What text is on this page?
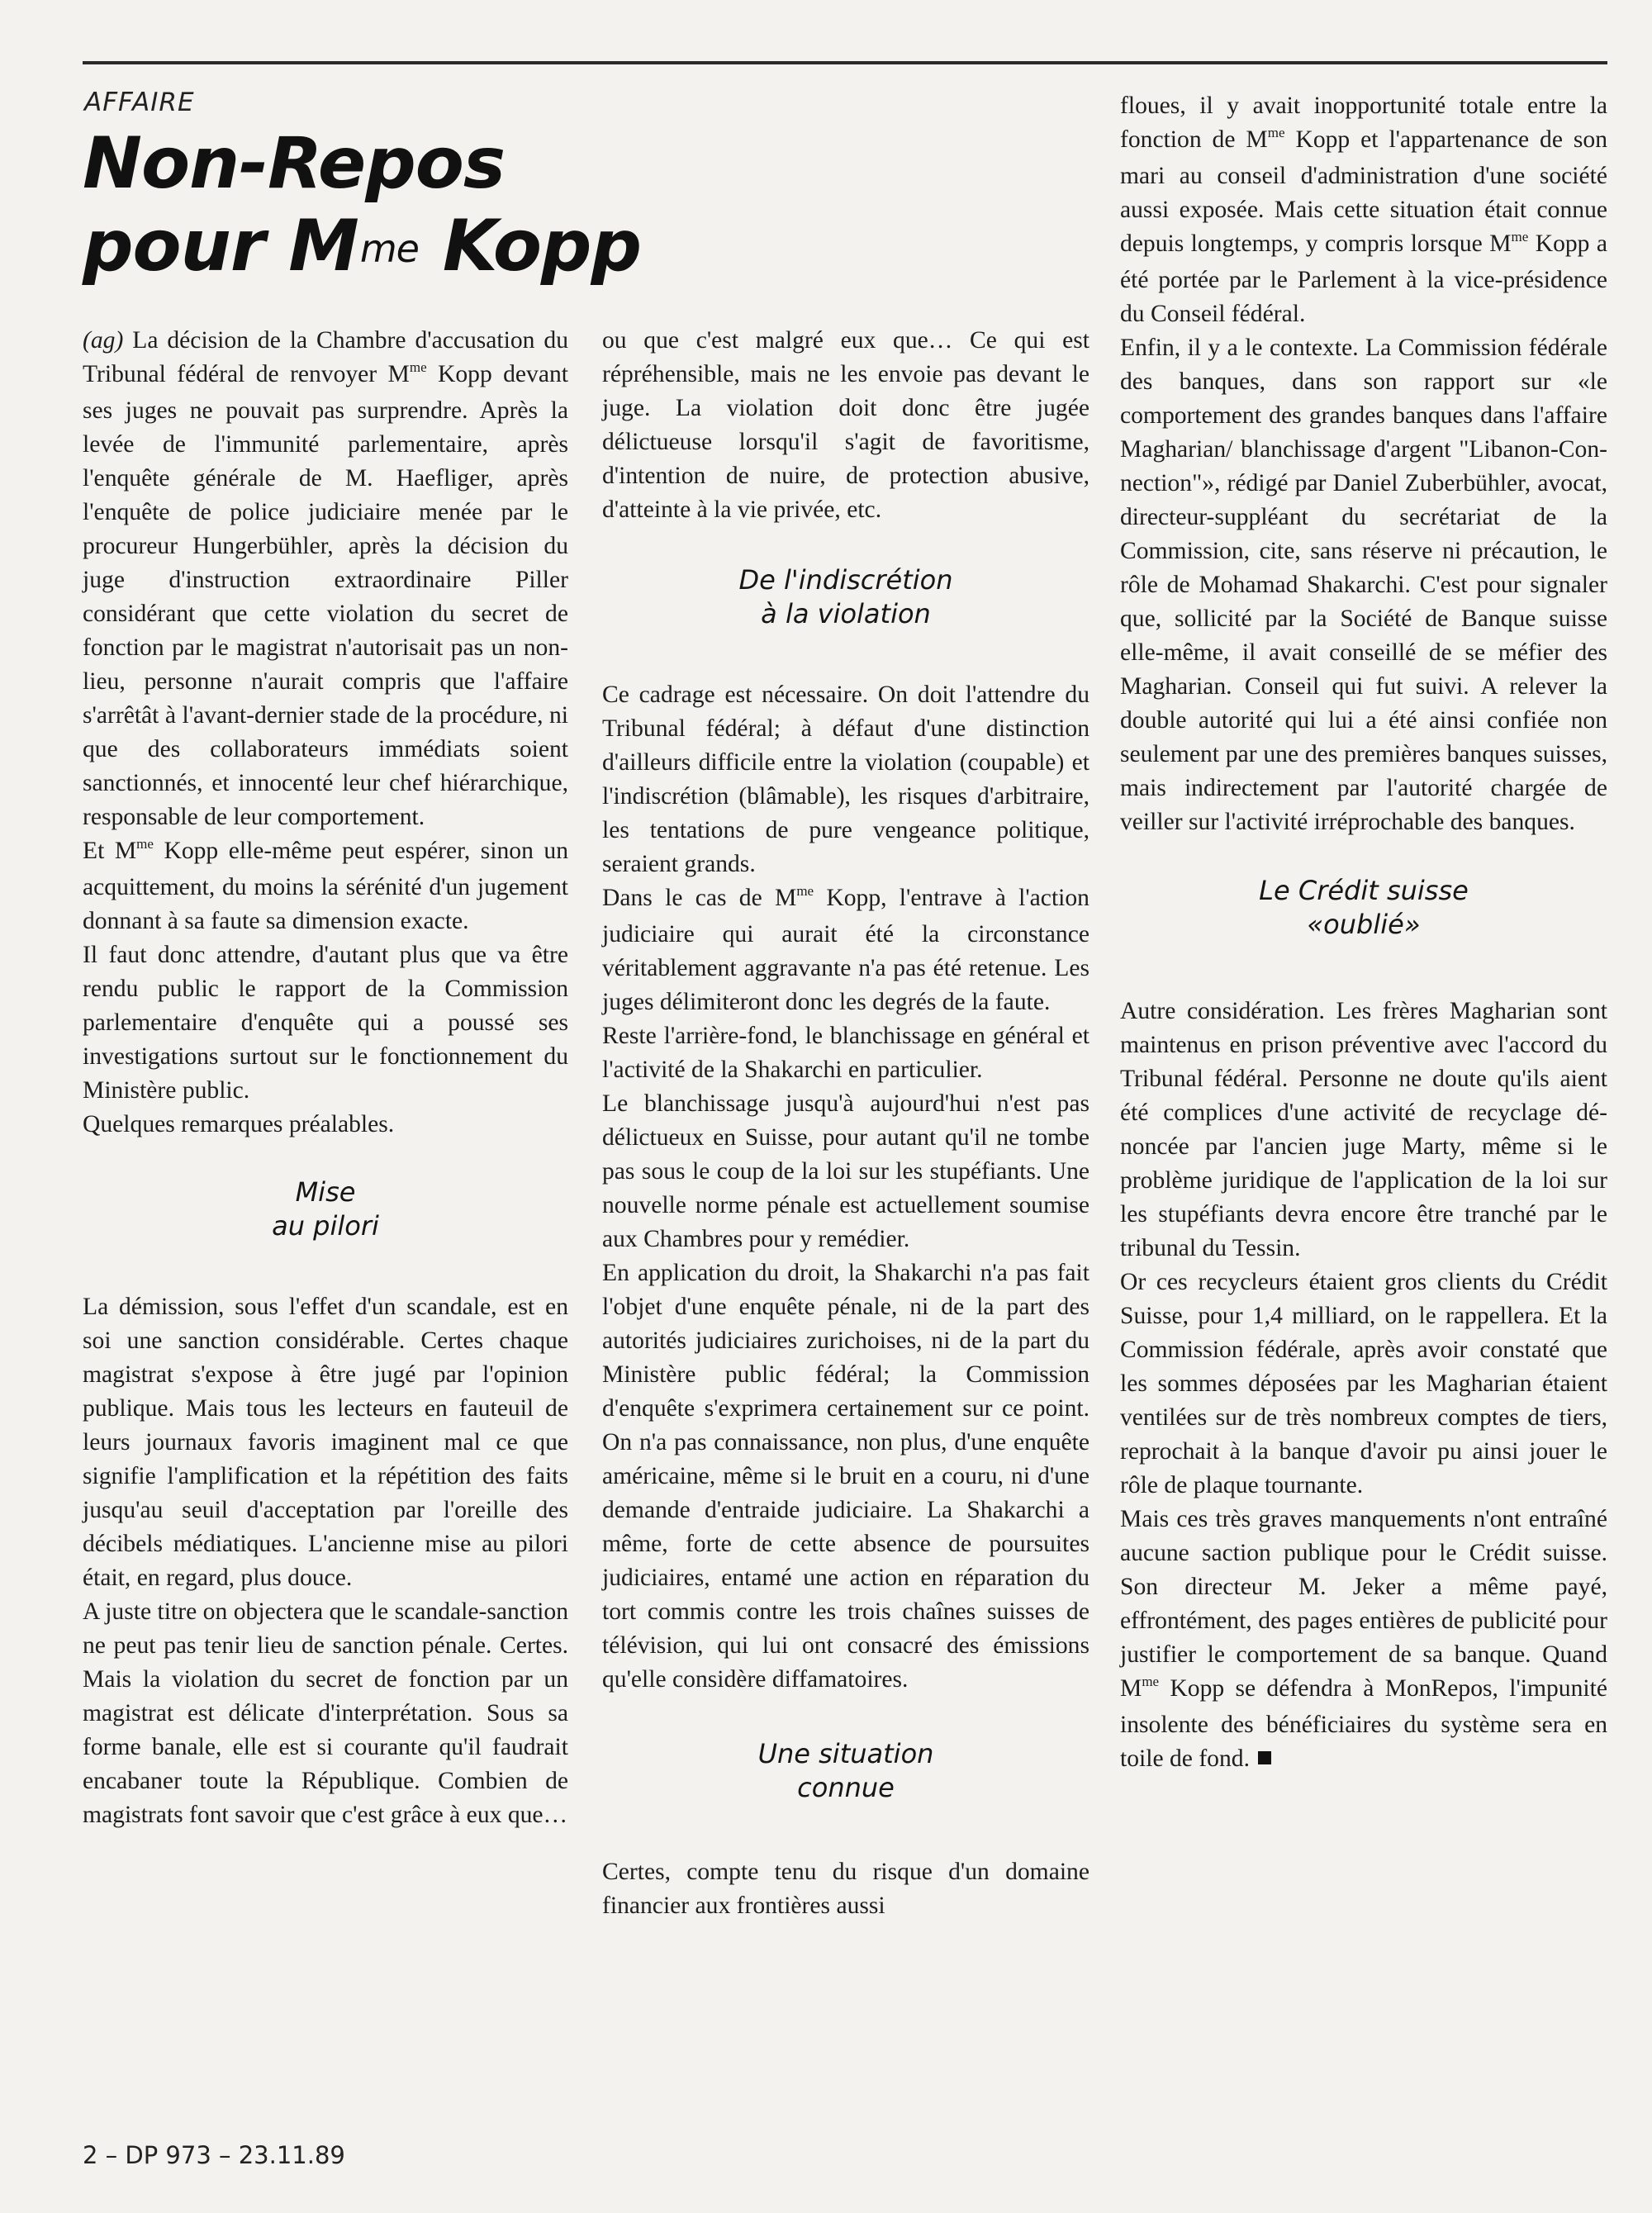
AFFAIRE
Non-Repos
pour $M^{me}$ Kopp

(ag) La décision de la Chambre d'accusation du Tribunal fédéral de renvoyer $M^{me}$ Kopp devant ses juges ne pouvait pas surprendre. Après la levée de l'immunité parlementaire, après l'enquête générale de M. Haefliger, après l'enquête de police judiciaire menée par le procureur Hungerbühler, après la décision du juge d'instruction extraordinaire Piller considérant que cette violation du secret de fonction par le magistrat n'autorisait pas un non-lieu, personne n'aurait compris que l'affaire s'arrêtât à l'avant-dernier stade de la procédure, ni que des collaborateurs immédiats soient sanctionnés, et innocenté leur chef hiérarchique, responsable de leur comportement.

Et $M^{me}$ Kopp elle-même peut espérer, sinon un acquittement, du moins la sérénité d'un jugement donnant à sa faute sa dimension exacte.

Il faut donc attendre, d'autant plus que va être rendu public le rapport de la Commission parlementaire d'enquête qui a poussé ses investigations surtout sur le fonctionnement du Ministère public.

Quelques remarques préalables.

Mise
au pilori

La démission, sous l'effet d'un scandale, est en soi une sanction considérable. Certes chaque magistrat s'expose à être jugé par l'opinion publique. Mais tous les lecteurs en fauteuil de leurs journaux favoris imaginent mal ce que signifie l'amplification et la répétition des faits jusqu'au seuil d'acceptation par l'oreille des décibels médiatiques. L'ancienne mise au pilori était, en regard, plus douce.

A juste titre on objectera que le scandale-sanction ne peut pas tenir lieu de sanction pénale. Certes. Mais la violation du secret de fonction par un magistrat est délicate d'interprétation. Sous sa forme banale, elle est si courante qu'il faudrait encabaner toute la République. Combien de magistrats font savoir que c'est grâce à eux que…

ou que c'est malgré eux que… Ce qui est répréhensible, mais ne les envoie pas devant le juge. La violation doit donc être jugée délictueuse lorsqu'il s'agit de favoritisme, d'intention de nuire, de protection abusive, d'atteinte à la vie privée, etc.

De l'indiscrétion
à la violation

Ce cadrage est nécessaire. On doit l'attendre du Tribunal fédéral; à défaut d'une distinction d'ailleurs difficile entre la violation (coupable) et l'indiscrétion (blâmable), les risques d'arbitraire, les tentations de pure vengeance politique, seraient grands.

Dans le cas de $M^{me}$ Kopp, l'entrave à l'action judiciaire qui aurait été la circonstance véritablement aggravante n'a pas été retenue. Les juges délimiteront donc les degrés de la faute.

Reste l'arrière-fond, le blanchissage en général et l'activité de la Shakarchi en particulier.

Le blanchissage jusqu'à aujourd'hui n'est pas délictueux en Suisse, pour autant qu'il ne tombe pas sous le coup de la loi sur les stupéfiants. Une nouvelle norme pénale est actuellement soumise aux Chambres pour y remédier.

En application du droit, la Shakarchi n'a pas fait l'objet d'une enquête pénale, ni de la part des autorités judiciaires zurichoises, ni de la part du Ministère public fédéral; la Commission d'enquête s'exprimera certainement sur ce point. On n'a pas connaissance, non plus, d'une enquête américaine, même si le bruit en a couru, ni d'une demande d'entraide judiciaire. La Shakarchi a même, forte de cette absence de poursuites judiciaires, entamé une action en réparation du tort commis contre les trois chaînes suisses de télévision, qui lui ont consacré des émissions qu'elle considère diffamatoires.

Une situation
connue

Certes, compte tenu du risque d'un domaine financier aux frontières aussi

floues, il y avait inopportunité totale entre la fonction de $M^{me}$ Kopp et l'appartenance de son mari au conseil d'administration d'une société aussi exposée. Mais cette situation était connue depuis longtemps, y compris lorsque $M^{me}$ Kopp a été portée par le Parlement à la vice-présidence du Conseil fédéral.

Enfin, il y a le contexte. La Commission fédérale des banques, dans son rapport sur «le comportement des grandes banques dans l'affaire Magharian/ blanchissage d'argent "Libanon-Connection"», rédigé par Daniel Zuberbühler, avocat, directeur-suppléant du secrétariat de la Commission, cite, sans réserve ni précaution, le rôle de Mohamad Shakarchi. C'est pour signaler que, sollicité par la Société de Banque suisse elle-même, il avait conseillé de se méfier des Magharian. Conseil qui fut suivi. A relever la double autorité qui lui a été ainsi confiée non seulement par une des premières banques suisses, mais indirectement par l'autorité chargée de veiller sur l'activité irréprochable des banques.

Le Crédit suisse
«oublié»

Autre considération. Les frères Magharian sont maintenus en prison préventive avec l'accord du Tribunal fédéral. Personne ne doute qu'ils aient été complices d'une activité de recyclage dénoncée par l'ancien juge Marty, même si le problème juridique de l'application de la loi sur les stupéfiants devra encore être tranché par le tribunal du Tessin.

Or ces recycleurs étaient gros clients du Crédit Suisse, pour 1,4 milliard, on le rappellera. Et la Commission fédérale, après avoir constaté que les sommes déposées par les Magharian étaient ventilées sur de très nombreux comptes de tiers, reprochait à la banque d'avoir pu ainsi jouer le rôle de plaque tournante.

Mais ces très graves manquements n'ont entraîné aucune saction publique pour le Crédit suisse. Son directeur M. Jeker a même payé, effrontément, des pages entières de publicité pour justifier le comportement de sa banque. Quand $M^{me}$ Kopp se défendra à MonRepos, l'impunité insolente des bénéficiaires du système sera en toile de fond.

2 – DP 973 – 23.11.89
